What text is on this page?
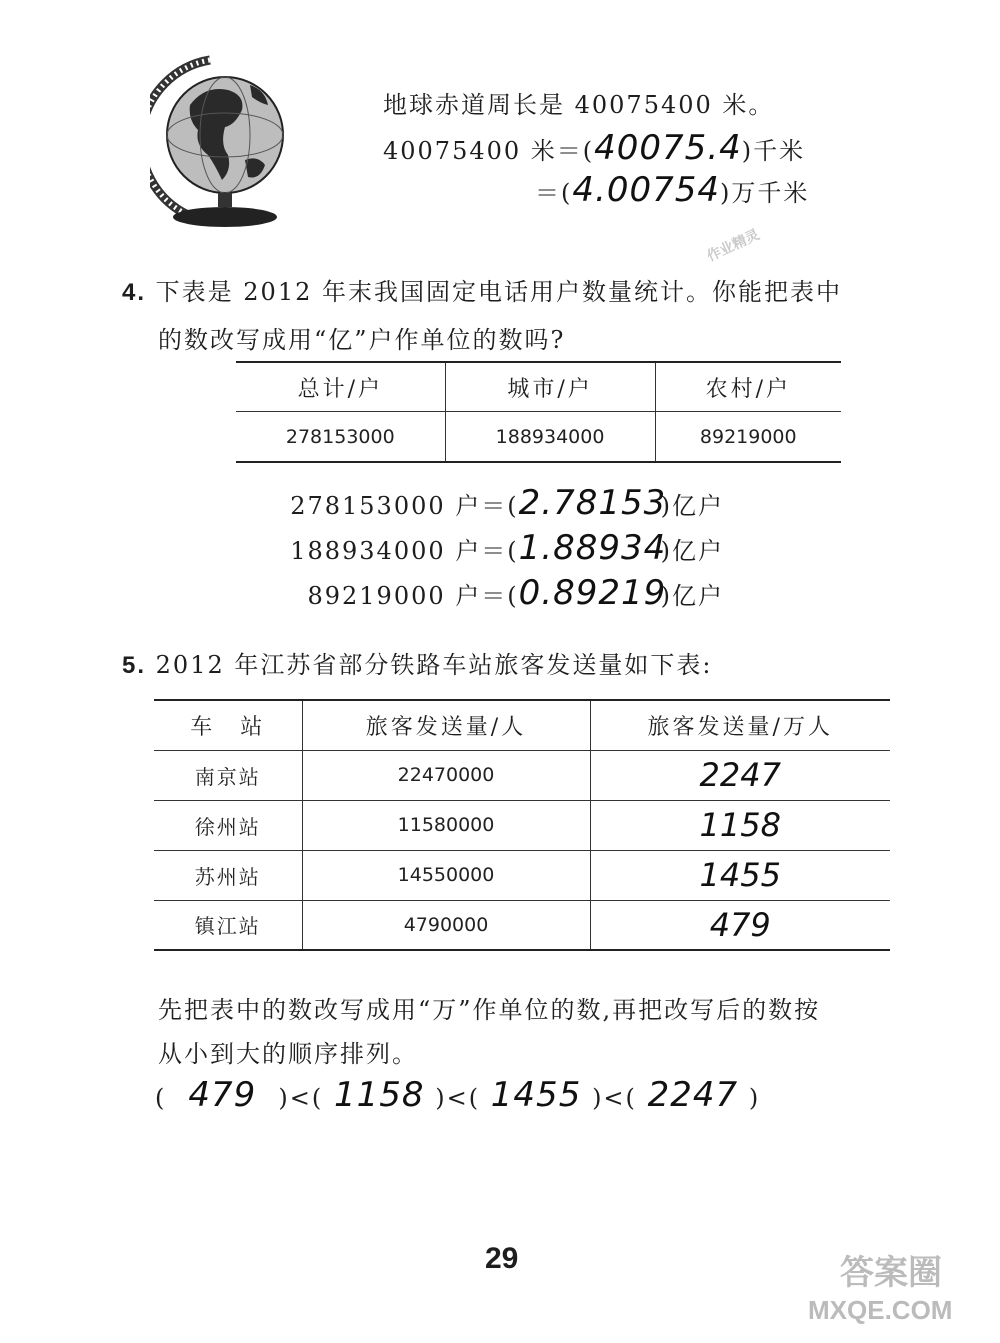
地球赤道周长是 40075400 米。
40075400 米＝(40075.4)千米
＝(4.00754)万千米
作业精灵
4. 下表是 2012 年末我国固定电话用户数量统计。你能把表中
的数改写成用“亿”户作单位的数吗?
总计/户	城市/户	农村/户
278153000	188934000	89219000
278153000 户＝(2.78153)亿户
188934000 户＝(1.88934)亿户
89219000 户＝(0.89219)亿户
5. 2012 年江苏省部分铁路车站旅客发送量如下表:
车　站	旅客发送量/人	旅客发送量/万人
南京站	22470000	2247
徐州站	11580000	1158
苏州站	14550000	1455
镇江站	4790000	479
先把表中的数改写成用“万”作单位的数,再把改写后的数按
从小到大的顺序排列。
( 479 )<( 1158 )<( 1455 )<( 2247 )
29	答案圈
MXQE.COM
